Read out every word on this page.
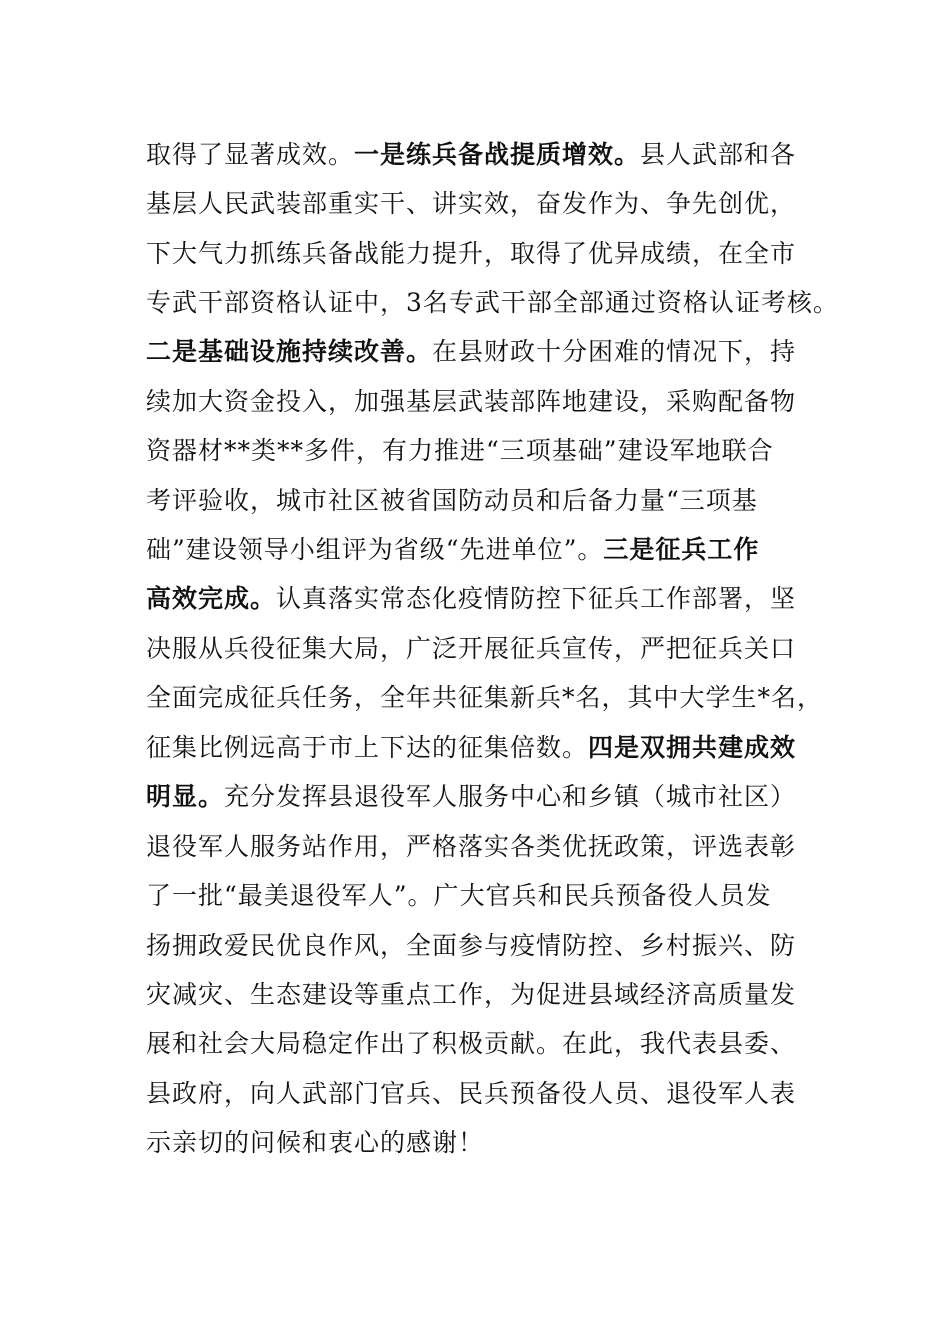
取得了显著成效。一是练兵备战提质增效。县人武部和各
基层人民武装部重实干、讲实效，奋发作为、争先创优，
下大气力抓练兵备战能力提升，取得了优异成绩，在全市
专武干部资格认证中，3名专武干部全部通过资格认证考核。
二是基础设施持续改善。在县财政十分困难的情况下，持
续加大资金投入，加强基层武装部阵地建设，采购配备物
资器材**类**多件，有力推进“三项基础”建设军地联合
考评验收，城市社区被省国防动员和后备力量“三项基
础”建设领导小组评为省级“先进单位”。三是征兵工作
高效完成。认真落实常态化疫情防控下征兵工作部署，坚
决服从兵役征集大局，广泛开展征兵宣传，严把征兵关口
全面完成征兵任务，全年共征集新兵*名，其中大学生*名，
征集比例远高于市上下达的征集倍数。四是双拥共建成效
明显。充分发挥县退役军人服务中心和乡镇（城市社区）
退役军人服务站作用，严格落实各类优抚政策，评选表彰
了一批“最美退役军人”。广大官兵和民兵预备役人员发
扬拥政爱民优良作风，全面参与疫情防控、乡村振兴、防
灾减灾、生态建设等重点工作，为促进县域经济高质量发
展和社会大局稳定作出了积极贡献。在此，我代表县委、
县政府，向人武部门官兵、民兵预备役人员、退役军人表
示亲切的问候和衷心的感谢！
